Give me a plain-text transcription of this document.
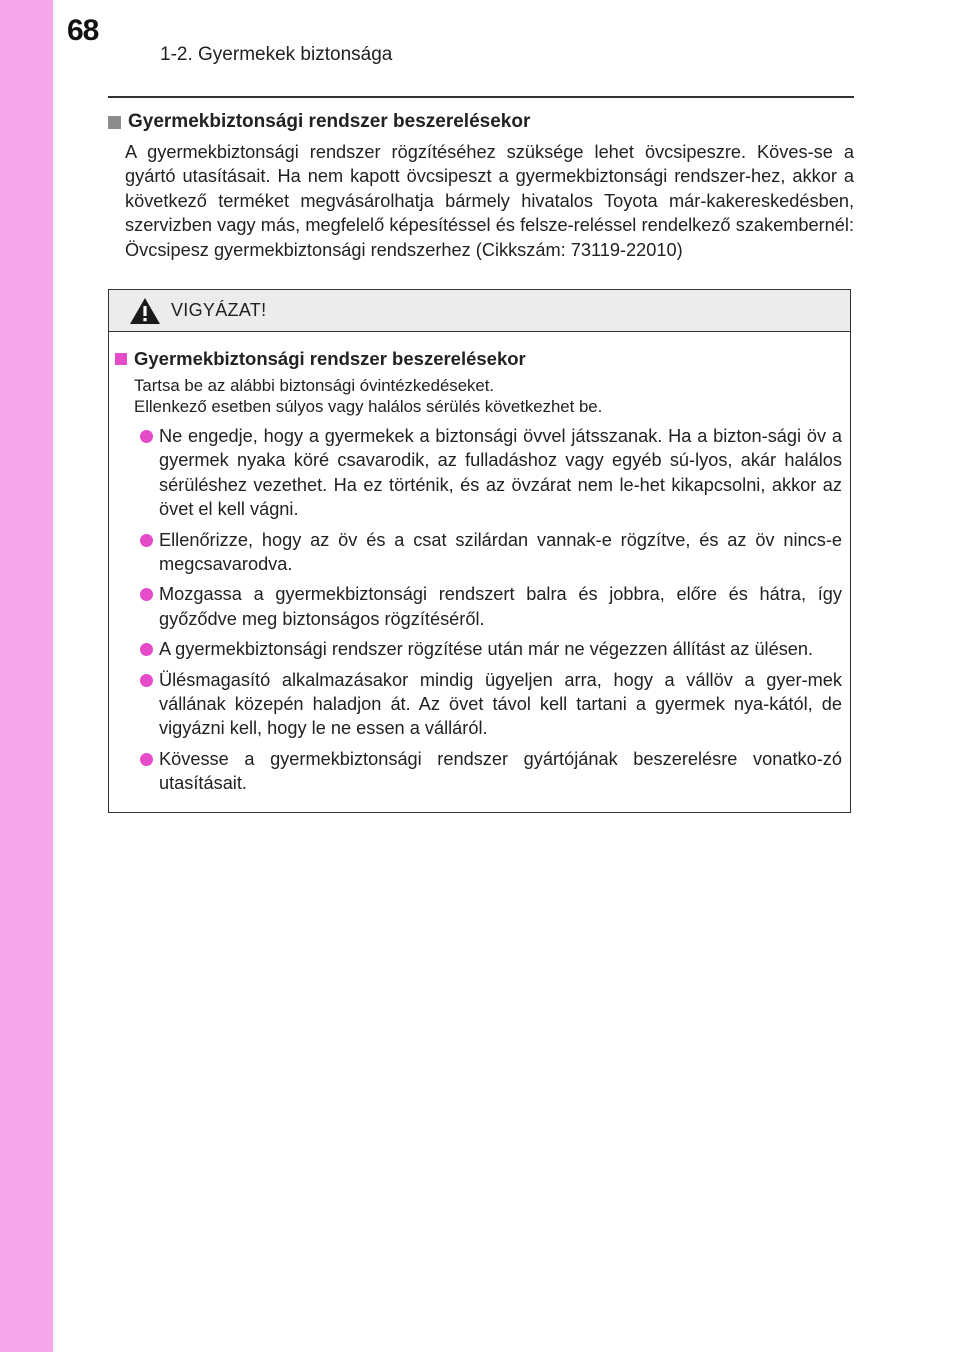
68
1-2. Gyermekek biztonsága
Gyermekbiztonsági rendszer beszerelésekor
A gyermekbiztonsági rendszer rögzítéséhez szüksége lehet övcsipeszre. Köves-se a gyártó utasításait. Ha nem kapott övcsipeszt a gyermekbiztonsági rendszer-hez, akkor a következő terméket megvásárolhatja bármely hivatalos Toyota már-kakereskedésben, szervizben vagy más, megfelelő képesítéssel és felsze-reléssel rendelkező szakembernél: Övcsipesz gyermekbiztonsági rendszerhez (Cikkszám: 73119-22010)
VIGYÁZAT!
Gyermekbiztonsági rendszer beszerelésekor
Tartsa be az alábbi biztonsági óvintézkedéseket.
Ellenkező esetben súlyos vagy halálos sérülés következhet be.
Ne engedje, hogy a gyermekek a biztonsági övvel játsszanak. Ha a bizton-sági öv a gyermek nyaka köré csavarodik, az fulladáshoz vagy egyéb sú-lyos, akár halálos sérüléshez vezethet. Ha ez történik, és az övzárat nem le-het kikapcsolni, akkor az övet el kell vágni.
Ellenőrizze, hogy az öv és a csat szilárdan vannak-e rögzítve, és az öv nincs-e megcsavarodva.
Mozgassa a gyermekbiztonsági rendszert balra és jobbra, előre és hátra, így győződve meg biztonságos rögzítéséről.
A gyermekbiztonsági rendszer rögzítése után már ne végezzen állítást az ülésen.
Ülésmagasító alkalmazásakor mindig ügyeljen arra, hogy a vállöv a gyer-mek vállának közepén haladjon át. Az övet távol kell tartani a gyermek nya-kától, de vigyázni kell, hogy le ne essen a válláról.
Kövesse a gyermekbiztonsági rendszer gyártójának beszerelésre vonatko-zó utasításait.
